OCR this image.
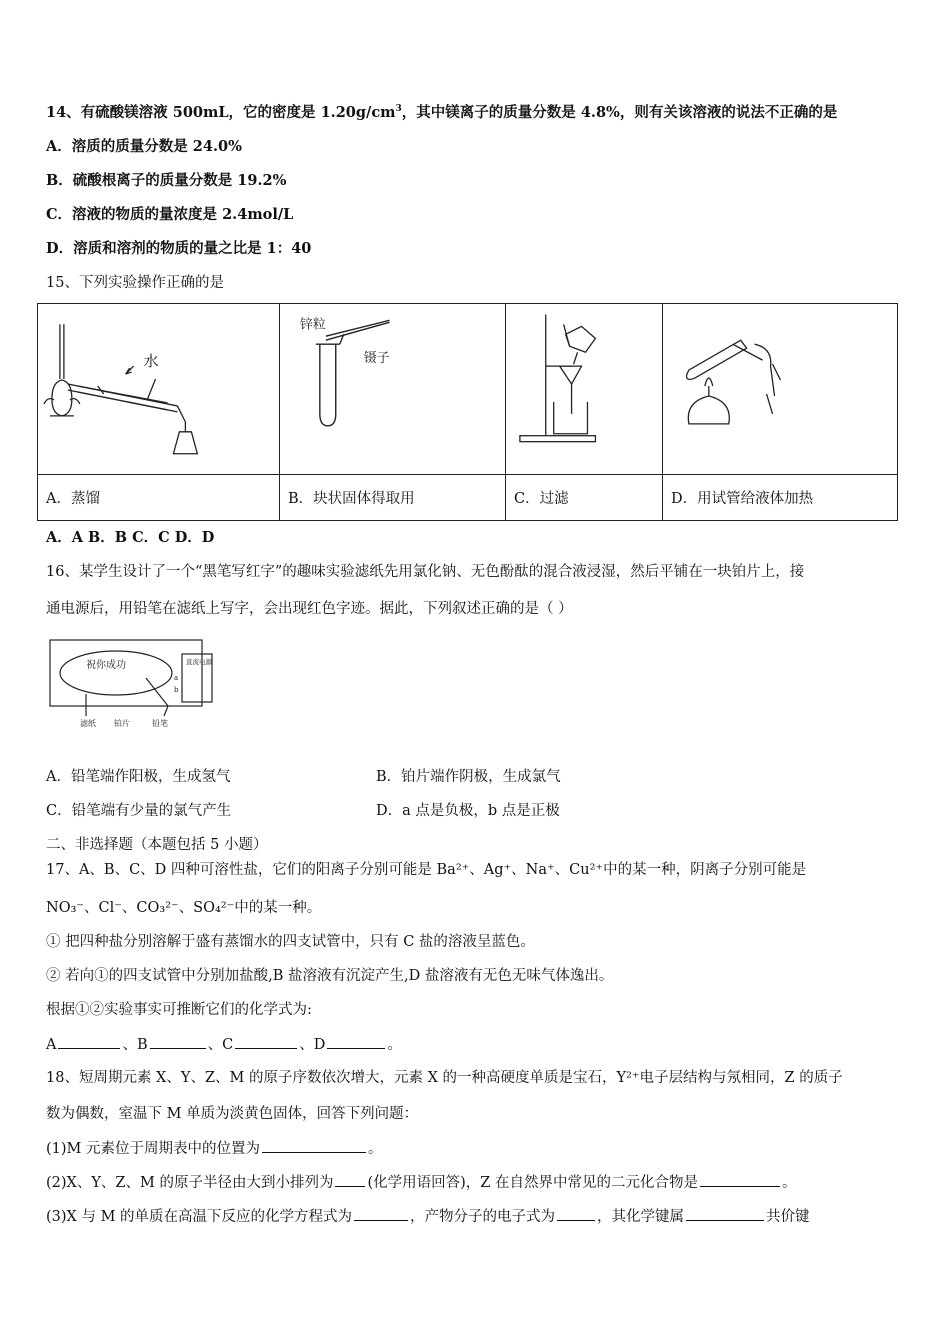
14、有硫酸镁溶液 500mL，它的密度是 $1.20g/cm^3$，其中镁离子的质量分数是 4.8%，则有关该溶液的说法不正确的是
A．溶质的质量分数是 24.0%
B．硫酸根离子的质量分数是 19.2%
C．溶液的物质的量浓度是 2.4mol/L
D．溶质和溶剂的物质的量之比是 1：40
15、下列实验操作正确的是
水	锌粒
镊子

A．蒸馏	B．块状固体得取用	C．过滤	D．用试管给液体加热
A．A B．B C．C D．D
16、某学生设计了一个“黑笔写红字”的趣味实验滤纸先用氯化钠、无色酚酞的混合液浸湿，然后平铺在一块铂片上，接
通电源后，用铅笔在滤纸上写字，会出现红色字迹。据此，下列叙述正确的是（ ）
祝你成功	直流电源
a
b
滤纸 铂片	铅笔
A．铅笔端作阳极，生成氢气	B．铂片端作阴极，生成氯气
C．铅笔端有少量的氯气产生	D．a 点是负极，b 点是正极
二、非选择题（本题包括 5 小题）
17、A、B、C、D 四种可溶性盐，它们的阳离子分别可能是 Ba²⁺、Ag⁺、Na⁺、Cu²⁺中的某一种，阴离子分别可能是
NO₃⁻、Cl⁻、CO₃²⁻、SO₄²⁻中的某一种。
① 把四种盐分别溶解于盛有蒸馏水的四支试管中，只有 C 盐的溶液呈蓝色。
② 若向①的四支试管中分别加盐酸,B 盐溶液有沉淀产生,D 盐溶液有无色无味气体逸出。
根据①②实验事实可推断它们的化学式为:
A	、B	、C	、D	。
18、短周期元素 X、Y、Z、M 的原子序数依次增大，元素 X 的一种高硬度单质是宝石，Y²⁺电子层结构与氖相同，Z 的质子
数为偶数，室温下 M 单质为淡黄色固体，回答下列问题：
(1)M 元素位于周期表中的位置为	。
(2)X、Y、Z、M 的原子半径由大到小排列为 (化学用语回答)，Z 在自然界中常见的二元化合物是	。
(3)X 与 M 的单质在高温下反应的化学方程式为	，产物分子的电子式为	，其化学键属	共价键
